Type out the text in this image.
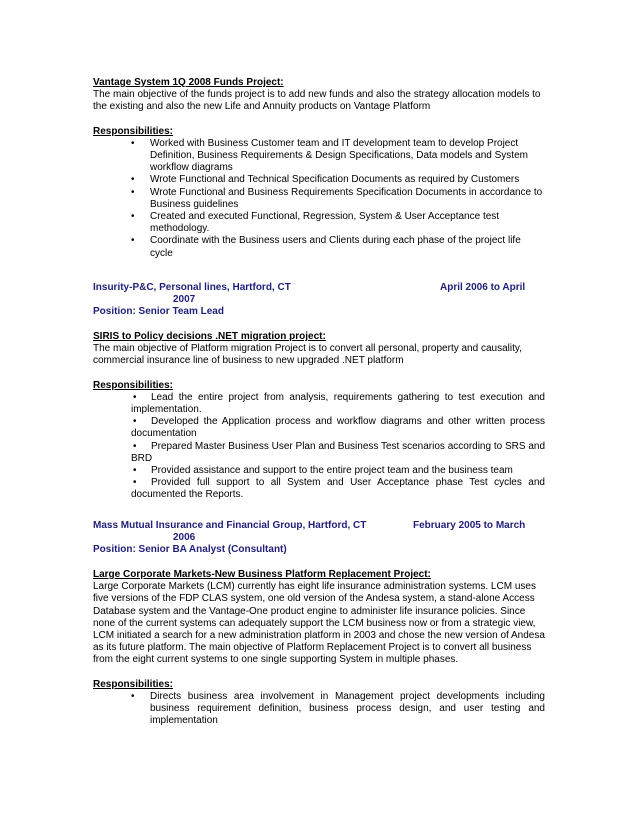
Vantage System 1Q 2008 Funds Project:

The main objective of the funds project is to add new funds and also the strategy allocation models to the existing and also the new Life and Annuity products on Vantage Platform

Responsibilities:

• Worked with Business Customer team and IT development team to develop Project Definition, Business Requirements & Design Specifications, Data models and System workflow diagrams

• Wrote Functional and Technical Specification Documents as required by Customers

• Wrote Functional and Business Requirements Specification Documents in accordance to Business guidelines

• Created and executed Functional, Regression, System & User Acceptance test methodology.

• Coordinate with the Business users and Clients during each phase of the project life cycle

Insurity-P&C, Personal lines, Hartford, CT	April 2006 to April
2007
Position: Senior Team Lead

SIRIS to Policy decisions .NET migration project:

The main objective of Platform migration Project is to convert all personal, property and causality, commercial insurance line of business to new upgraded .NET platform

Responsibilities:

• Lead the entire project from analysis, requirements gathering to test execution and implementation.

• Developed the Application process and workflow diagrams and other written process documentation

• Prepared Master Business User Plan and Business Test scenarios according to SRS and BRD

• Provided assistance and support to the entire project team and the business team

• Provided full support to all System and User Acceptance phase Test cycles and documented the Reports.

Mass Mutual Insurance and Financial Group, Hartford, CT	February 2005 to March
2006
Position: Senior BA Analyst (Consultant)

Large Corporate Markets-New Business Platform Replacement Project:

Large Corporate Markets (LCM) currently has eight life insurance administration systems. LCM uses five versions of the FDP CLAS system, one old version of the Andesa system, a stand-alone Access Database system and the Vantage-One product engine to administer life insurance policies. Since none of the current systems can adequately support the LCM business now or from a strategic view, LCM initiated a search for a new administration platform in 2003 and chose the new version of Andesa as its future platform. The main objective of Platform Replacement Project is to convert all business from the eight current systems to one single supporting System in multiple phases.

Responsibilities:

• Directs business area involvement in Management project developments including business requirement definition, business process design, and user testing and implementation
